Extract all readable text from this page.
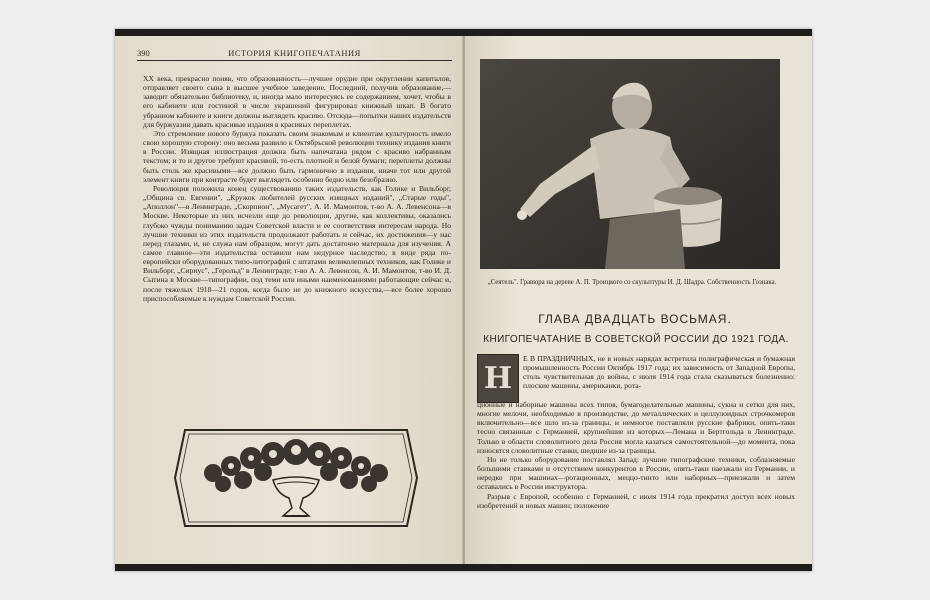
390	ИСТОРИЯ КНИГОПЕЧАТАНИЯ

XX века, прекрасно поняв, что образованность—лучшее орудие при округлении капиталов, отправляет своего сына в высшее учебное заведение. Последний, получив образование,—заводит обязательно библиотеку, и, иногда мало интересуясь ее содержанием, хочет, чтобы в его кабинете или гостиной в числе украшений фигурировал книжный шкап. В богато убранном кабинете и книги должны выглядеть красиво. Отсюда—попытки наших издательств для буржуазии давать красивые издания в красивых переплетах.

Это стремление нового буржуа показать своим знакомым и клиентам культурность имело свою хорошую сторону: оно весьма развило к Октябрьской революции технику издания книги в России. Изящная иллюстрация должна быть напечатана рядом с красиво набранным текстом; и то и другое требуют красивой, то-есть плотной и белой бумаги; переплеты должны быть столь же красивыми—все должно быть гармонично в издании, иначе тот или другой элемент книги при контрасте будет выглядеть особенно бедно или безобразно.

Революция положила конец существованию таких издательств, как Голике и Вильборг, „Община св. Евгении", „Кружок любителей русских изящных изданий", „Старые годы", „Аполлон"—в Ленинграде, „Скорпион", „Мусагет", А. И. Мамонтов, т-во А. А. Левенсона—в Москве. Некоторые из них исчезли еще до революции, другие, как коллективы, оказались глубоко чужды пониманию задач Советской власти и ее соответствия интересам народа. Но лучшие техники из этих издательств продолжают работать и сейчас, их достижения—у нас перед глазами, и, не служа нам образцом, могут дать достаточно материала для изучения. А самое главное—эти издательства оставили нам недурное наследство, в виде ряда по-европейски оборудованных типо-литографий с штатами великолепных техников, как Голике и Вильборг, „Сириус", „Герольд" в Ленинграде; т-во А. А. Левенсон, А. И. Мамонтов, т-во И. Д. Сытина в Москве—типографии, под теми или иными наименованиями работающие сейчас и, после тяжелых 1918—21 годов, когда было не до книжного искусства,—все более хорошо приспособляемые к нуждам Советской России.

„Сеятель". Гравюра на дереве А. П. Троицкого со скульптуры И. Д. Шадра. Собственность Гознака.
ГЛАВА ДВАДЦАТЬ ВОСЬМАЯ.
КНИГОПЕЧАТАНИЕ В СОВЕТСКОЙ РОССИИ ДО 1921 ГОДА.
Н

Е В ПРАЗДНИЧНЫХ, не в новых нарядах встретила полиграфическая и бумажная промышленность России Октябрь 1917 года; их зависимость от Западной Европы, столь чувствительная до войны, с июля 1914 года стала сказываться болезненно: плоские машины, американки, рота-

ционные и наборные машины всех типов, бумагоделательные машины, сукна и сетки для них, многие мелочи, необходимые в производстве, до металлических и целлулоидных строчкомеров включительно—все шло из-за границы, и немногое поставляли русские фабрики, опять-таки тесно связанные с Германией, крупнейшие из которых—Лемана и Бертгольда в Ленинграде. Только в области словолитного дела Россия могла казаться самостоятельной—до момента, пока износятся словолитные станки, шедшие из-за границы.

Но не только оборудование поставлял Запад: лучшие типографские техники, соблазняемые большими ставками и отсутствием конкурентов в России, опять-таки наезжали из Германии, и нередко при машинах—ротационных, меццо-тинто или наборных—приезжали и затем оставались в России инструктора.

Разрыв с Европой, особенно с Германией, с июля 1914 года прекратил доступ всех новых изобретений и новых машин; положение
